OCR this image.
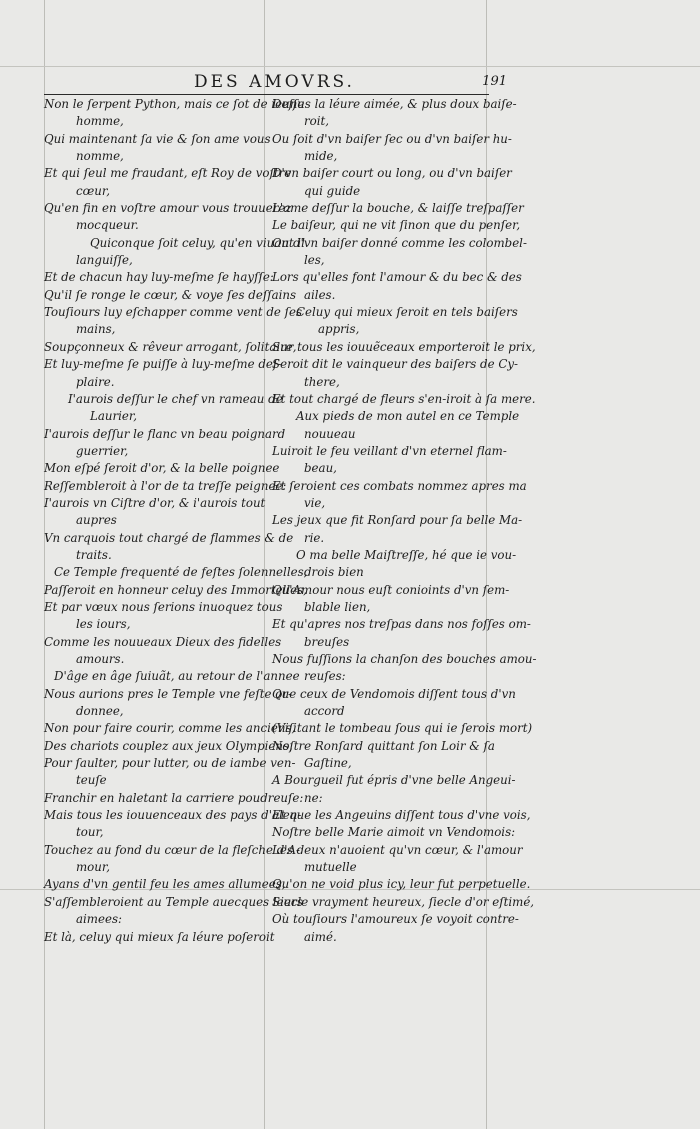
DES AMOVRS.	191
Non le ſerpent Python, mais ce ſot de ieune
homme,
Qui maintenant ſa vie & ſon ame vous
nomme,
Et qui ſeul me fraudant, eſt Roy de voſtre
cœur,
Qu'en fin en voſtre amour vous trouuerez
mocqueur.
Quiconque ſoit celuy, qu'en viuant il
languiſſe,
Et de chacun hay luy-meſme ſe hayſſe:
Qu'il ſe ronge le cœur, & voye ſes deſſains
Touſiours luy eſchapper comme vent de ſes
mains,
Soupçonneux & rêveur arrogant, ſolitaire,
Et luy-meſme ſe puiſſe à luy-meſme deſ-
plaire.
I'aurois deſſur le chef vn rameau de
Laurier,
I'aurois deſſur le flanc vn beau poignard
guerrier,
Mon eſpé ſeroit d'or, & la belle poignee
Reſſembleroit à l'or de ta treſſe peignee:
I'aurois vn Ciſtre d'or, & i'aurois tout
aupres
Vn carquois tout chargé de flammes & de
traits.
Ce Temple frequenté de feſtes ſolennelles,
Paſſeroit en honneur celuy des Immortelles,
Et par vœux nous ſerions inuoquez tous
les iours,
Comme les nouueaux Dieux des fidelles
amours.
D'âge en âge ſuiuãt, au retour de l'annee
Nous aurions pres le Temple vne feſte or-
donnee,
Non pour faire courir, comme les anciens,
Des chariots couplez aux jeux Olympiens,
Pour ſaulter, pour lutter, ou de iambe ven-
teuſe
Franchir en haletant la carriere poudreuſe:
Mais tous les iouuenceaux des pays d'alen-
tour,
Touchez au fond du cœur de la fleſche d'A-
mour,
Ayans d'vn gentil feu les ames allumees,
S'aſſembleroient au Temple auecques leurs
aimees:
Et là, celuy qui mieux ſa léure poſeroit
Deſſus la léure aimée, & plus doux baiſe-
roit,
Ou ſoit d'vn baiſer ſec ou d'vn baiſer hu-
mide,
D'vn baiſer court ou long, ou d'vn baiſer
qui guide
L'ame deſſur la bouche, & laiſſe treſpaſſer
Le baiſeur, qui ne vit ſinon que du penſer,
Ou d'vn baiſer donné comme les colombel-
les,
Lors qu'elles font l'amour & du bec & des
ailes.
Celuy qui mieux ſeroit en tels baiſers
appris,
Sur tous les iouuẽceaux emporteroit le prix,
Seroit dit le vainqueur des baiſers de Cy-
there,
Et tout chargé de fleurs s'en-iroit à ſa mere.
Aux pieds de mon autel en ce Temple
nouueau
Luiroit le feu veillant d'vn eternel flam-
beau,
Et ſeroient ces combats nommez apres ma
vie,
Les jeux que fit Ronſard pour ſa belle Ma-
rie.
O ma belle Maiſtreſſe, hé que ie vou-
drois bien
Qu'Amour nous euſt conioints d'vn ſem-
blable lien,
Et qu'apres nos treſpas dans nos foſſes om-
breuſes
Nous fuſſions la chanſon des bouches amou-
reuſes:
Que ceux de Vendomois diſſent tous d'vn
accord
(Viſitant le tombeau ſous qui ie ſerois mort)
Noſtre Ronſard quittant ſon Loir & ſa
Gaſtine,
A Bourgueil fut épris d'vne belle Angeui-
ne:
Et que les Angeuins diſſent tous d'vne vois,
Noſtre belle Marie aimoit vn Vendomois:
Les deux n'auoient qu'vn cœur, & l'amour
mutuelle
Qu'on ne void plus icy, leur fut perpetuelle.
Siecle vrayment heureux, ſiecle d'or eſtimé,
Où touſiours l'amoureux ſe voyoit contre-
aimé.
